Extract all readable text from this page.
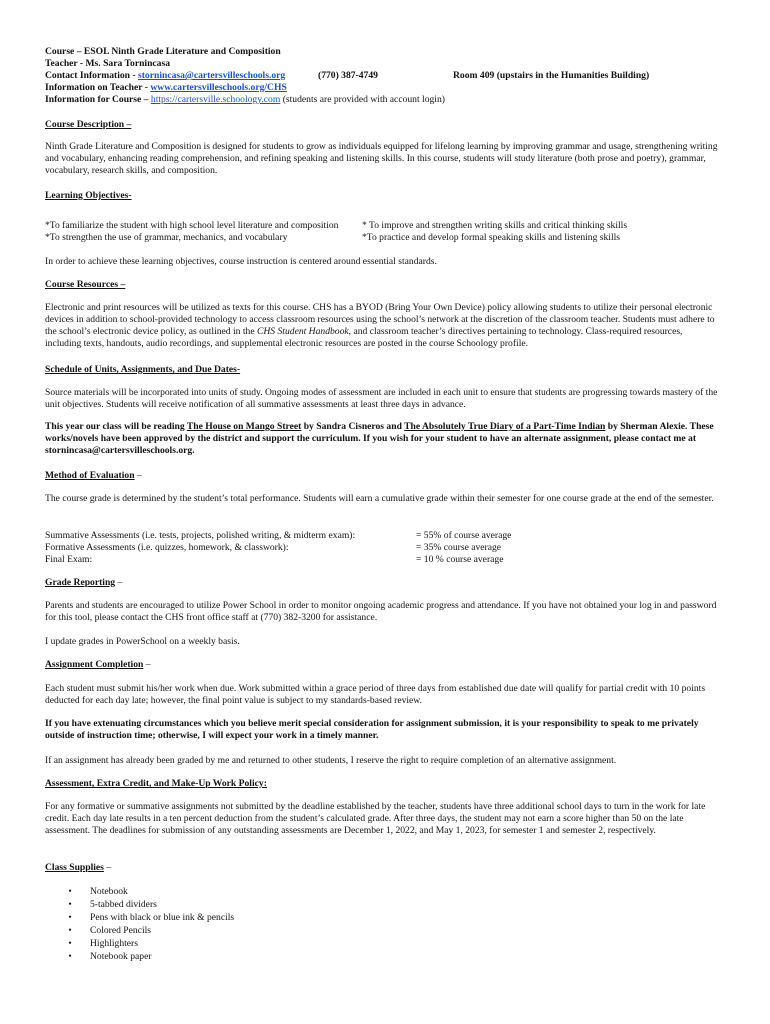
Course – ESOL Ninth Grade Literature and Composition
Teacher - Ms. Sara Tornincasa
Contact Information - stornincasa@cartersvilleschools.org	(770) 387-4749	Room 409 (upstairs in the Humanities Building)
Information on Teacher - www.cartersvilleschools.org/CHS
Information for Course – https://cartersville.schoology.com (students are provided with account login)
Course Description –
Ninth Grade Literature and Composition is designed for students to grow as individuals equipped for lifelong learning by improving grammar and usage, strengthening writing and vocabulary, enhancing reading comprehension, and refining speaking and listening skills. In this course, students will study literature (both prose and poetry), grammar, vocabulary, research skills, and composition.
Learning Objectives-
*To familiarize the student with high school level literature and composition
*To strengthen the use of grammar, mechanics, and vocabulary
* To improve and strengthen writing skills and critical thinking skills
*To practice and develop formal speaking skills and listening skills
In order to achieve these learning objectives, course instruction is centered around essential standards.
Course Resources –
Electronic and print resources will be utilized as texts for this course. CHS has a BYOD (Bring Your Own Device) policy allowing students to utilize their personal electronic devices in addition to school-provided technology to access classroom resources using the school’s network at the discretion of the classroom teacher. Students must adhere to the school’s electronic device policy, as outlined in the CHS Student Handbook, and classroom teacher’s directives pertaining to technology. Class-required resources, including texts, handouts, audio recordings, and supplemental electronic resources are posted in the course Schoology profile.
Schedule of Units, Assignments, and Due Dates-
Source materials will be incorporated into units of study. Ongoing modes of assessment are included in each unit to ensure that students are progressing towards mastery of the unit objectives. Students will receive notification of all summative assessments at least three days in advance.
This year our class will be reading The House on Mango Street by Sandra Cisneros and The Absolutely True Diary of a Part-Time Indian by Sherman Alexie. These works/novels have been approved by the district and support the curriculum. If you wish for your student to have an alternate assignment, please contact me at stornincasa@cartersvilleschools.org.
Method of Evaluation –
The course grade is determined by the student’s total performance. Students will earn a cumulative grade within their semester for one course grade at the end of the semester.
Summative Assessments (i.e. tests, projects, polished writing, & midterm exam):	= 55% of course average
Formative Assessments (i.e. quizzes, homework, & classwork):	= 35% course average
Final Exam:	= 10 % course average
Grade Reporting –
Parents and students are encouraged to utilize Power School in order to monitor ongoing academic progress and attendance. If you have not obtained your log in and password for this tool, please contact the CHS front office staff at (770) 382-3200 for assistance.
I update grades in PowerSchool on a weekly basis.
Assignment Completion –
Each student must submit his/her work when due. Work submitted within a grace period of three days from established due date will qualify for partial credit with 10 points deducted for each day late; however, the final point value is subject to my standards-based review.
If you have extenuating circumstances which you believe merit special consideration for assignment submission, it is your responsibility to speak to me privately outside of instruction time; otherwise, I will expect your work in a timely manner.
If an assignment has already been graded by me and returned to other students, I reserve the right to require completion of an alternative assignment.
Assessment, Extra Credit, and Make-Up Work Policy:
For any formative or summative assignments not submitted by the deadline established by the teacher, students have three additional school days to turn in the work for late credit. Each day late results in a ten percent deduction from the student’s calculated grade. After three days, the student may not earn a score higher than 50 on the late assessment. The deadlines for submission of any outstanding assessments are December 1, 2022, and May 1, 2023, for semester 1 and semester 2, respectively.
Class Supplies –
• Notebook
• 5-tabbed dividers
• Pens with black or blue ink & pencils
• Colored Pencils
• Highlighters
• Notebook paper
